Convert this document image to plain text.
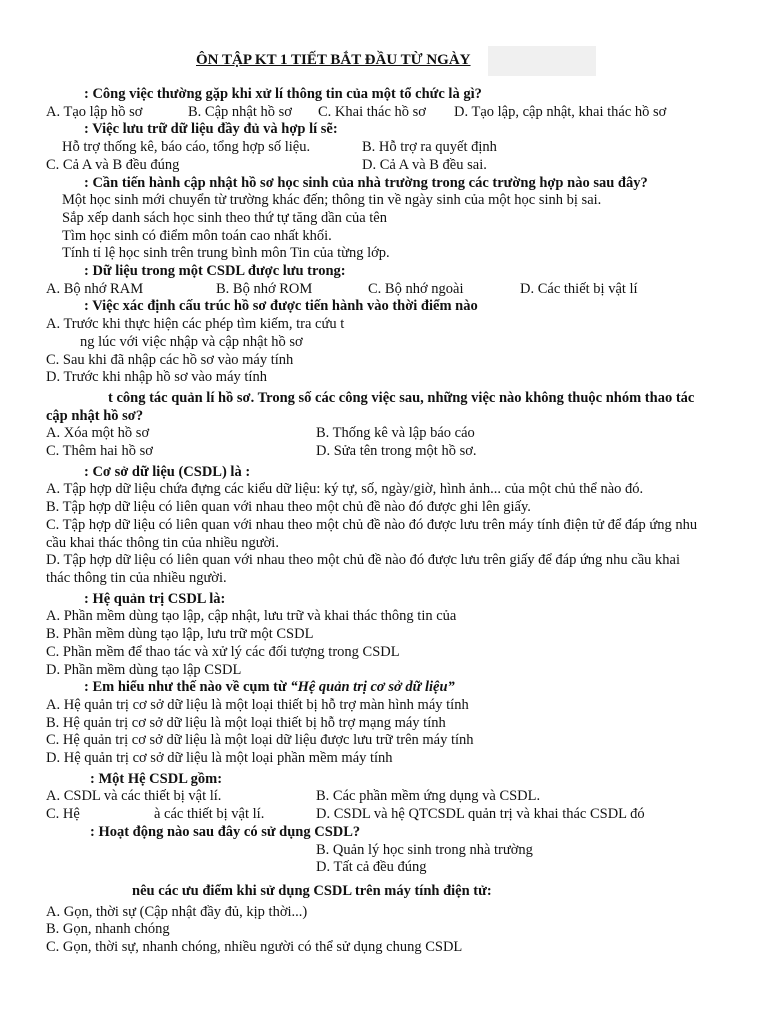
ÔN TẬP KT 1 TIẾT BẮT ĐẦU TỪ NGÀY
: Công việc thường gặp khi xử lí thông tin của một tổ chức là gì?
A. Tạo lập hồ sơ	B. Cập nhật hồ sơ	C. Khai thác hồ sơ	D. Tạo lập, cập nhật, khai thác hồ sơ
: Việc lưu trữ dữ liệu đầy đủ và hợp lí sẽ:
Hỗ trợ thống kê, báo cáo, tổng hợp số liệu.	B. Hỗ trợ ra quyết định
C. Cả A và B đều đúng	D. Cả A và B đều sai.
: Cần tiến hành cập nhật hồ sơ học sinh của nhà trường trong các trường hợp nào sau đây?
Một học sinh mới chuyển từ trường khác đến; thông tin về ngày sinh của một học sinh bị sai.
Sắp xếp danh sách học sinh theo thứ tự tăng dần của tên
Tìm học sinh có điểm môn toán cao nhất khối.
Tính tỉ lệ học sinh trên trung bình môn Tin của từng lớp.
: Dữ liệu trong một CSDL được lưu trong:
A. Bộ nhớ RAM	B. Bộ nhớ ROM	C. Bộ nhớ ngoài	D. Các thiết bị vật lí
: Việc xác định cấu trúc hồ sơ được tiến hành vào thời điểm nào
A. Trước khi thực hiện các phép tìm kiếm, tra cứu t
ng lúc với việc nhập và cập nhật hồ sơ
C. Sau khi đã nhập các hồ sơ vào máy tính
D. Trước khi nhập hồ sơ vào máy tính
t công tác quản lí hồ sơ. Trong số các công việc sau, những việc nào không thuộc nhóm thao tác
cập nhật hồ sơ?
A. Xóa một hồ sơ	B. Thống kê và lập báo cáo
C. Thêm hai hồ sơ	D. Sửa tên trong một hồ sơ.
: Cơ sở dữ liệu (CSDL) là :
A. Tập hợp dữ liệu chứa đựng các kiểu dữ liệu: ký tự, số, ngày/giờ, hình ảnh... của một chủ thể nào đó.
B. Tập hợp dữ liệu có liên quan với nhau theo một chủ đề nào đó được ghi lên giấy.
C. Tập hợp dữ liệu có liên quan với nhau theo một chủ đề nào đó được lưu trên máy tính điện tử để đáp ứng nhu
cầu khai thác thông tin của nhiều người.
D. Tập hợp dữ liệu có liên quan với nhau theo một chủ đề nào đó được lưu trên giấy để đáp ứng nhu cầu khai
thác thông tin của nhiều người.
: Hệ quản trị CSDL là:
A. Phần mềm dùng tạo lập, cập nhật, lưu trữ và khai thác thông tin của
B. Phần mềm dùng tạo lập, lưu trữ một CSDL
C. Phần mềm để thao tác và xử lý các đối tượng trong CSDL
D. Phần mềm dùng tạo lập CSDL
: Em hiểu như thế nào về cụm từ “Hệ quản trị cơ sở dữ liệu”
A. Hệ quản trị cơ sở dữ liệu là một loại thiết bị hỗ trợ màn hình máy tính
B. Hệ quản trị cơ sở dữ liệu là một loại thiết bị hỗ trợ mạng máy tính
C. Hệ quản trị cơ sở dữ liệu là một loại dữ liệu được lưu trữ trên máy tính
D. Hệ quản trị cơ sở dữ liệu là một loại phần mềm máy tính
: Một Hệ CSDL gồm:
A. CSDL và các thiết bị vật lí.	B. Các phần mềm ứng dụng và CSDL.
C. Hệ	à các thiết bị vật lí.	D. CSDL và hệ QTCSDL quản trị và khai thác CSDL đó
: Hoạt động nào sau đây có sử dụng CSDL?
B. Quản lý học sinh trong nhà trường
D. Tất cả đều đúng
nêu các ưu điểm khi sử dụng CSDL trên máy tính điện tử:
A. Gọn, thời sự (Cập nhật đầy đủ, kịp thời...)
B. Gọn, nhanh chóng
C. Gọn, thời sự, nhanh chóng, nhiều người có thể sử dụng chung CSDL
